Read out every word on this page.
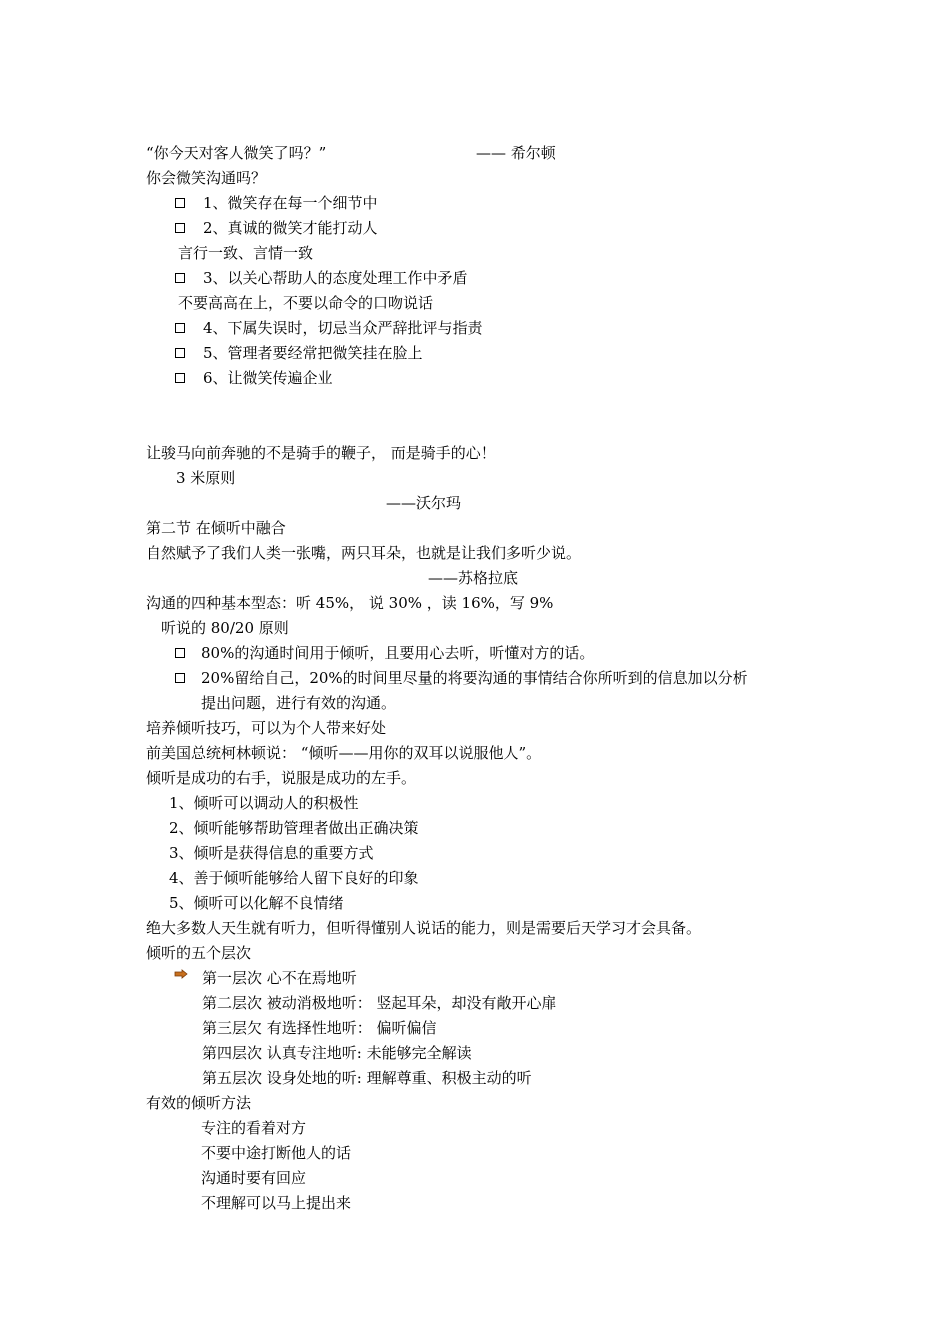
“你今天对客人微笑了吗？”	—— 希尔顿
你会微笑沟通吗？
1、微笑存在每一个细节中
2、真诚的微笑才能打动人
言行一致、言情一致
3、以关心帮助人的态度处理工作中矛盾
不要高高在上，不要以命令的口吻说话
4、下属失误时，切忌当众严辞批评与指责
5、管理者要经常把微笑挂在脸上
6、让微笑传遍企业
让骏马向前奔驰的不是骑手的鞭子， 而是骑手的心！
3 米原则
——沃尔玛
第二节 在倾听中融合
自然赋予了我们人类一张嘴，两只耳朵，也就是让我们多听少说。
——苏格拉底
沟通的四种基本型态：听 45%， 说 30% ，读 16%，写 9%
听说的 80/20 原则
80%的沟通时间用于倾听，且要用心去听，听懂对方的话。
20%留给自己，20%的时间里尽量的将要沟通的事情结合你所听到的信息加以分析
提出问题，进行有效的沟通。
培养倾听技巧，可以为个人带来好处
前美国总统柯林顿说： “倾听——用你的双耳以说服他人”。
倾听是成功的右手，说服是成功的左手。
1、倾听可以调动人的积极性
2、倾听能够帮助管理者做出正确决策
3、倾听是获得信息的重要方式
4、善于倾听能够给人留下良好的印象
5、倾听可以化解不良情绪
绝大多数人天生就有听力，但听得懂别人说话的能力，则是需要后天学习才会具备。
倾听的五个层次
第一层次 心不在焉地听
第二层次 被动消极地听： 竖起耳朵，却没有敞开心扉
第三层欠 有选择性地听： 偏听偏信
第四层次 认真专注地听: 未能够完全解读
第五层次 设身处地的听: 理解尊重、积极主动的听
有效的倾听方法
专注的看着对方
不要中途打断他人的话
沟通时要有回应
不理解可以马上提出来
